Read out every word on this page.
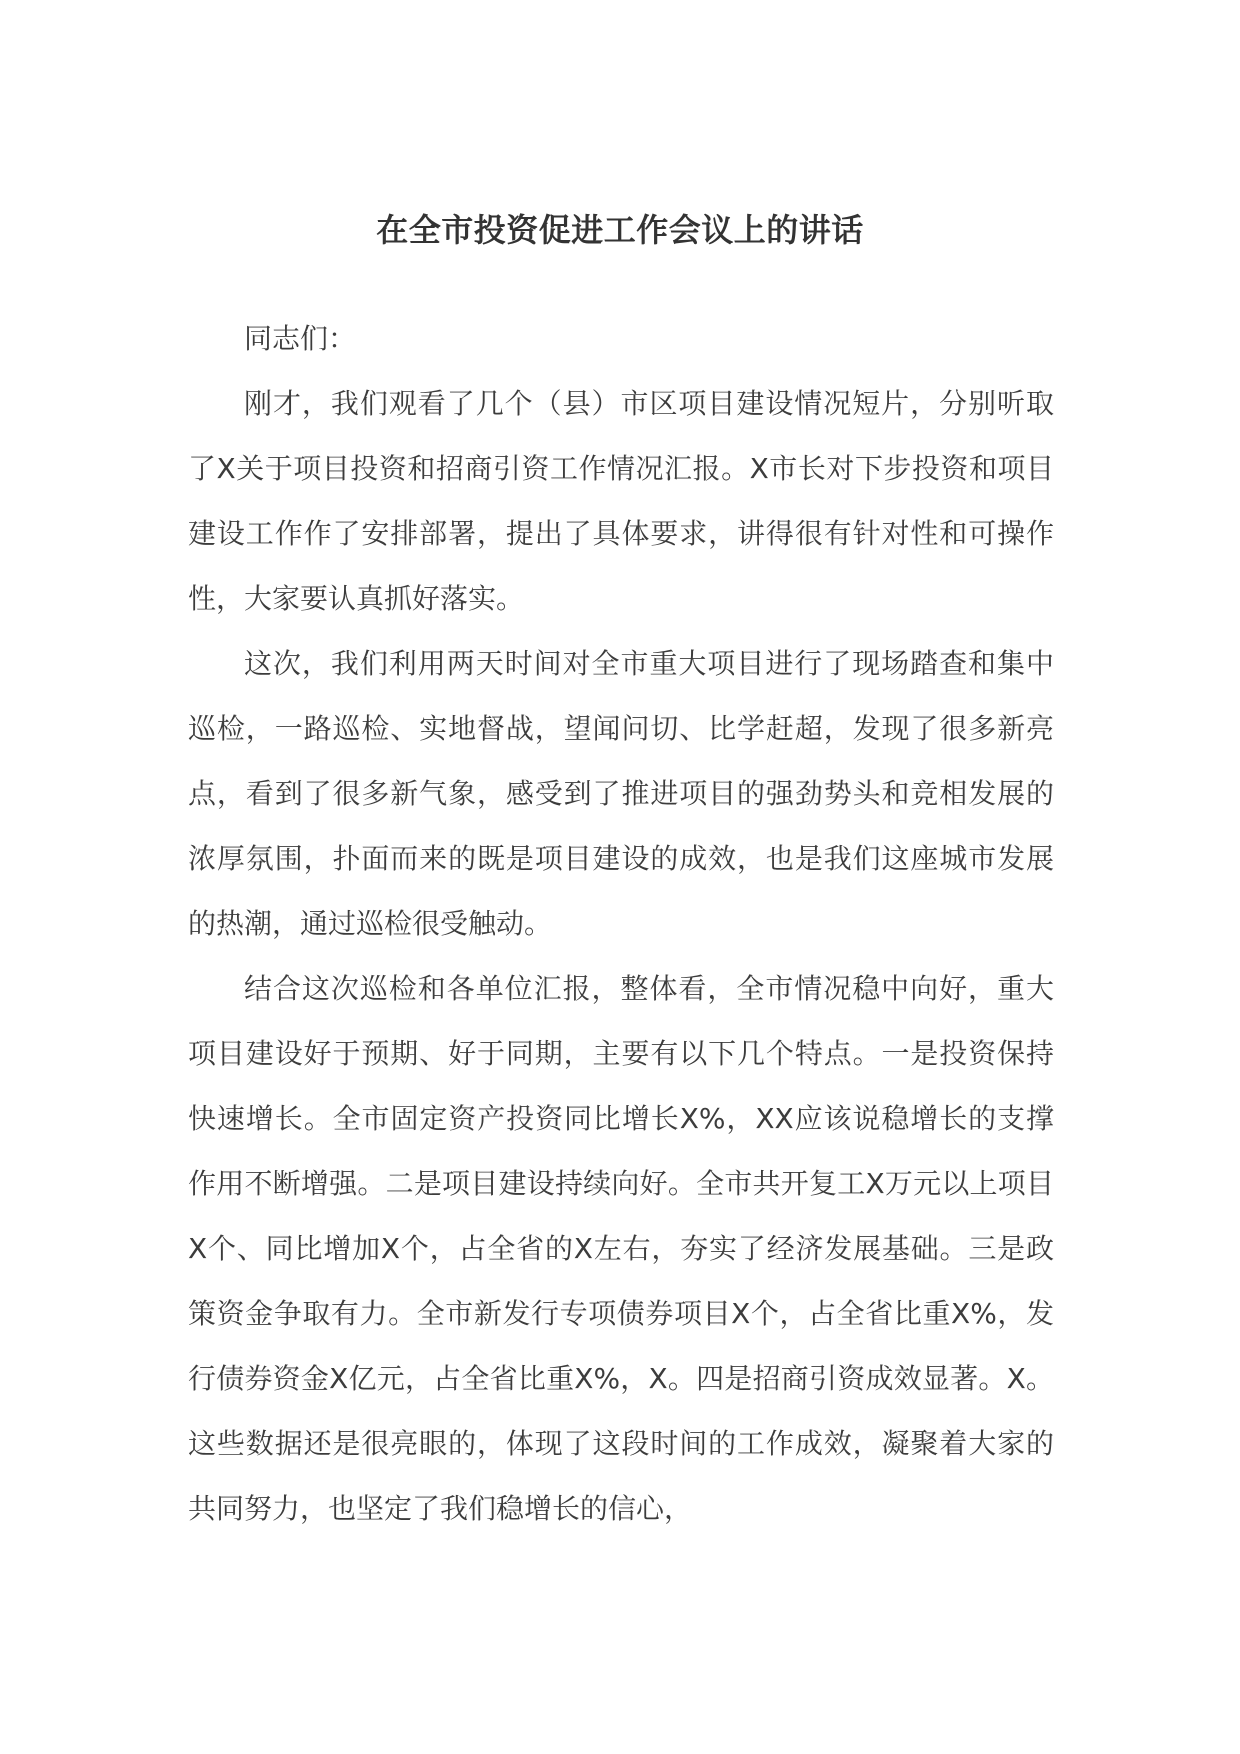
在全市投资促进工作会议上的讲话

同志们：

刚才，我们观看了几个（县）市区项目建设情况短片，分别听取了X关于项目投资和招商引资工作情况汇报。X市长对下步投资和项目建设工作作了安排部署，提出了具体要求，讲得很有针对性和可操作性，大家要认真抓好落实。

这次，我们利用两天时间对全市重大项目进行了现场踏查和集中巡检，一路巡检、实地督战，望闻问切、比学赶超，发现了很多新亮点，看到了很多新气象，感受到了推进项目的强劲势头和竞相发展的浓厚氛围，扑面而来的既是项目建设的成效，也是我们这座城市发展的热潮，通过巡检很受触动。

结合这次巡检和各单位汇报，整体看，全市情况稳中向好，重大项目建设好于预期、好于同期，主要有以下几个特点。一是投资保持快速增长。全市固定资产投资同比增长X%，XX应该说稳增长的支撑作用不断增强。二是项目建设持续向好。全市共开复工X万元以上项目X个、同比增加X个，占全省的X左右，夯实了经济发展基础。三是政策资金争取有力。全市新发行专项债券项目X个，占全省比重X%，发行债券资金X亿元，占全省比重X%，X。四是招商引资成效显著。X。这些数据还是很亮眼的，体现了这段时间的工作成效，凝聚着大家的共同努力，也坚定了我们稳增长的信心，
